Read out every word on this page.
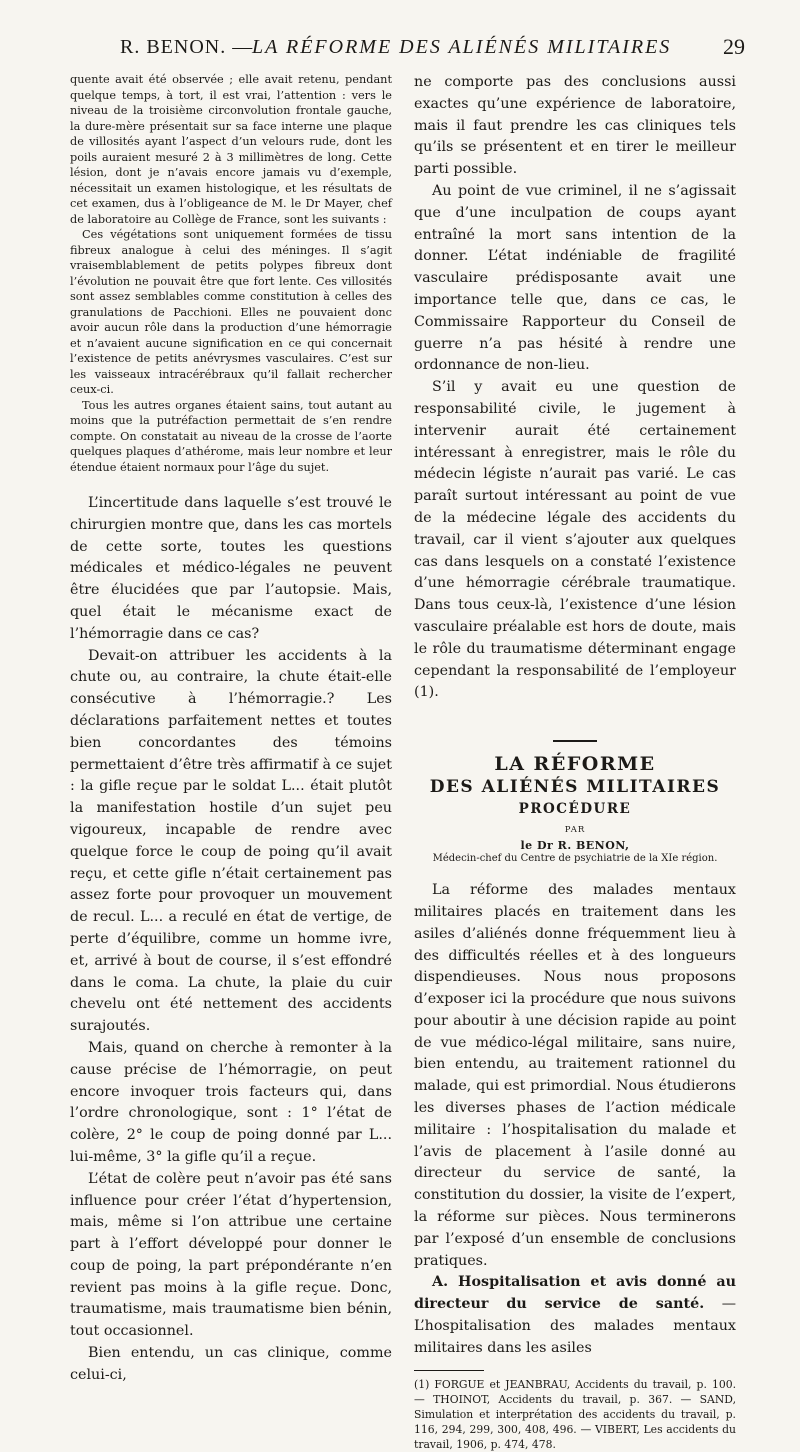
R. BENON. —
LA RÉFORME DES ALIÉNÉS MILITAIRES 29

quente avait été observée ; elle avait retenu, pendant quelque temps, à tort, il est vrai, l’attention : vers le niveau de la troisième circonvolution frontale gauche, la dure-mère présentait sur sa face interne une plaque de villosités ayant l’aspect d’un velours rude, dont les poils auraient mesuré 2 à 3 millimètres de long. Cette lésion, dont je n’avais encore jamais vu d’exemple, nécessitait un examen histologique, et les résultats de cet examen, dus à l’obligeance de M. le Dr Mayer, chef de laboratoire au Collège de France, sont les suivants :

Ces végétations sont uniquement formées de tissu fibreux analogue à celui des méninges. Il s’agit vraisemblablement de petits polypes fibreux dont l’évolution ne pouvait être que fort lente. Ces villosités sont assez semblables comme constitution à celles des granulations de Pacchioni. Elles ne pouvaient donc avoir aucun rôle dans la production d’une hémorragie et n’avaient aucune signification en ce qui concernait l’existence de petits anévrysmes vasculaires. C’est sur les vaisseaux intracérébraux qu’il fallait rechercher ceux-ci.

Tous les autres organes étaient sains, tout autant au moins que la putréfaction permettait de s’en rendre compte. On constatait au niveau de la crosse de l’aorte quelques plaques d’athérome, mais leur nombre et leur étendue étaient normaux pour l’âge du sujet.

L’incertitude dans laquelle s’est trouvé le chirurgien montre que, dans les cas mortels de cette sorte, toutes les questions médicales et médico-légales ne peuvent être élucidées que par l’autopsie. Mais, quel était le mécanisme exact de l’hémorragie dans ce cas?

Devait-on attribuer les accidents à la chute ou, au contraire, la chute était-elle consécutive à l’hémorragie.? Les déclarations parfaitement nettes et toutes bien concordantes des témoins permettaient d’être très affirmatif à ce sujet : la gifle reçue par le soldat L... était plutôt la manifestation hostile d’un sujet peu vigoureux, incapable de rendre avec quelque force le coup de poing qu’il avait reçu, et cette gifle n’était certainement pas assez forte pour provoquer un mouvement de recul. L... a reculé en état de vertige, de perte d’équilibre, comme un homme ivre, et, arrivé à bout de course, il s’est effondré dans le coma. La chute, la plaie du cuir chevelu ont été nettement des accidents surajoutés.

Mais, quand on cherche à remonter à la cause précise de l’hémorragie, on peut encore invoquer trois facteurs qui, dans l’ordre chronologique, sont : 1° l’état de colère, 2° le coup de poing donné par L... lui-même, 3° la gifle qu’il a reçue.

L’état de colère peut n’avoir pas été sans influence pour créer l’état d’hypertension, mais, même si l’on attribue une certaine part à l’effort développé pour donner le coup de poing, la part prépondérante n’en revient pas moins à la gifle reçue. Donc, traumatisme, mais traumatisme bien bénin, tout occasionnel.

Bien entendu, un cas clinique, comme celui-ci,

ne comporte pas des conclusions aussi exactes qu’une expérience de laboratoire, mais il faut prendre les cas cliniques tels qu’ils se présentent et en tirer le meilleur parti possible.

Au point de vue criminel, il ne s’agissait que d’une inculpation de coups ayant entraîné la mort sans intention de la donner. L’état indéniable de fragilité vasculaire prédisposante avait une importance telle que, dans ce cas, le Commissaire Rapporteur du Conseil de guerre n’a pas hésité à rendre une ordonnance de non-lieu.

S’il y avait eu une question de responsabilité civile, le jugement à intervenir aurait été certainement intéressant à enregistrer, mais le rôle du médecin légiste n’aurait pas varié. Le cas paraît surtout intéressant au point de vue de la médecine légale des accidents du travail, car il vient s’ajouter aux quelques cas dans lesquels on a constaté l’existence d’une hémorragie cérébrale traumatique. Dans tous ceux-là, l’existence d’une lésion vasculaire préalable est hors de doute, mais le rôle du traumatisme déterminant engage cependant la responsabilité de l’employeur (1).

LA RÉFORME
DES ALIÉNÉS MILITAIRES
PROCÉDURE
PAR
le Dr R. BENON,
Médecin-chef du Centre de psychiatrie de la XIe région.

La réforme des malades mentaux militaires placés en traitement dans les asiles d’aliénés donne fréquemment lieu à des difficultés réelles et à des longueurs dispendieuses. Nous nous proposons d’exposer ici la procédure que nous suivons pour aboutir à une décision rapide au point de vue médico-légal militaire, sans nuire, bien entendu, au traitement rationnel du malade, qui est primordial. Nous étudierons les diverses phases de l’action médicale militaire : l’hospitalisation du malade et l’avis de placement à l’asile donné au directeur du service de santé, la constitution du dossier, la visite de l’expert, la réforme sur pièces. Nous terminerons par l’exposé d’un ensemble de conclusions pratiques.

A. Hospitalisation et avis donné au directeur du service de santé. — L’hospitalisation des malades mentaux militaires dans les asiles

(1) FORGUE et JEANBRAU, Accidents du travail, p. 100. — THOINOT, Accidents du travail, p. 367. — SAND, Simulation et interprétation des accidents du travail, p. 116, 294, 299, 300, 408, 496. — VIBERT, Les accidents du travail, 1906, p. 474, 478.
